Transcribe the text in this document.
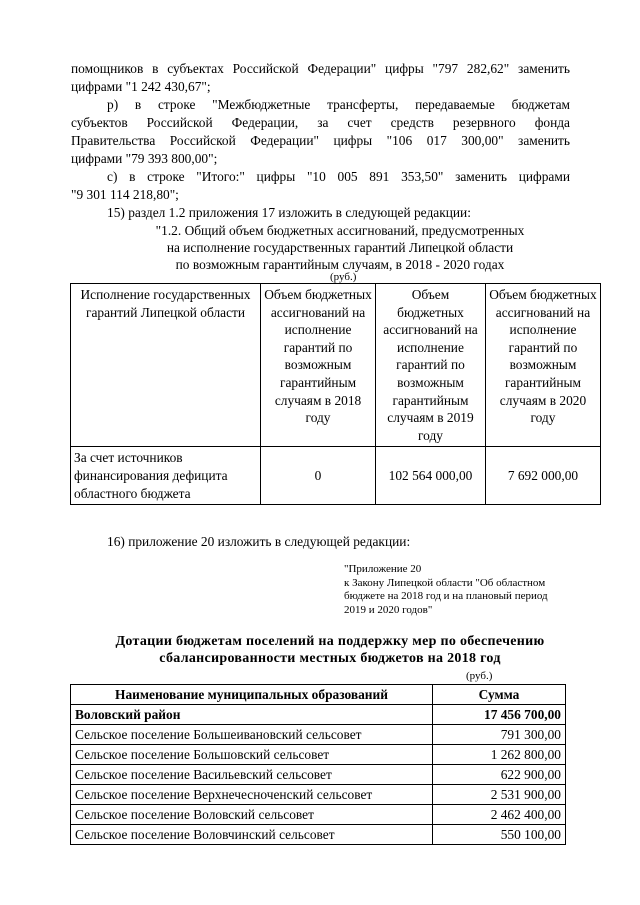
помощников в субъектах Российской Федерации" цифры "797 282,62" заменить
цифрами "1 242 430,67";
р) в строке "Межбюджетные трансферты, передаваемые бюджетам
субъектов Российской Федерации, за счет средств резервного фонда
Правительства Российской Федерации" цифры "106 017 300,00" заменить
цифрами "79 393 800,00";
с) в строке "Итого:" цифры "10 005 891 353,50" заменить цифрами
"9 301 114 218,80";
15) раздел 1.2 приложения 17 изложить в следующей редакции:
"1.2. Общий объем бюджетных ассигнований, предусмотренных
на исполнение государственных гарантий Липецкой области
по возможным гарантийным случаям, в 2018 - 2020 годах
(руб.)
Исполнение государственных гарантий Липецкой области	Объем бюджетных ассигнований на исполнение гарантий по возможным гарантийным случаям в 2018 году	Объем бюджетных ассигнований на исполнение гарантий по возможным гарантийным случаям в 2019 году	Объем бюджетных ассигнований на исполнение гарантий по возможным гарантийным случаям в 2020 году
За счет источников финансирования дефицита областного бюджета	0	102 564 000,00	7 692 000,00
16) приложение 20 изложить в следующей редакции:
"Приложение 20
к Закону Липецкой области "Об областном
бюджете на 2018 год и на плановый период
2019 и 2020 годов"
Дотации бюджетам поселений на поддержку мер по обеспечению
сбалансированности местных бюджетов на 2018 год
(руб.)
Наименование муниципальных образований	Сумма
Воловский район	17 456 700,00
Сельское поселение Большеивановский сельсовет	791 300,00
Сельское поселение Большовский сельсовет	1 262 800,00
Сельское поселение Васильевский сельсовет	622 900,00
Сельское поселение Верхнечесноченский сельсовет	2 531 900,00
Сельское поселение Воловский сельсовет	2 462 400,00
Сельское поселение Воловчинский сельсовет	550 100,00
